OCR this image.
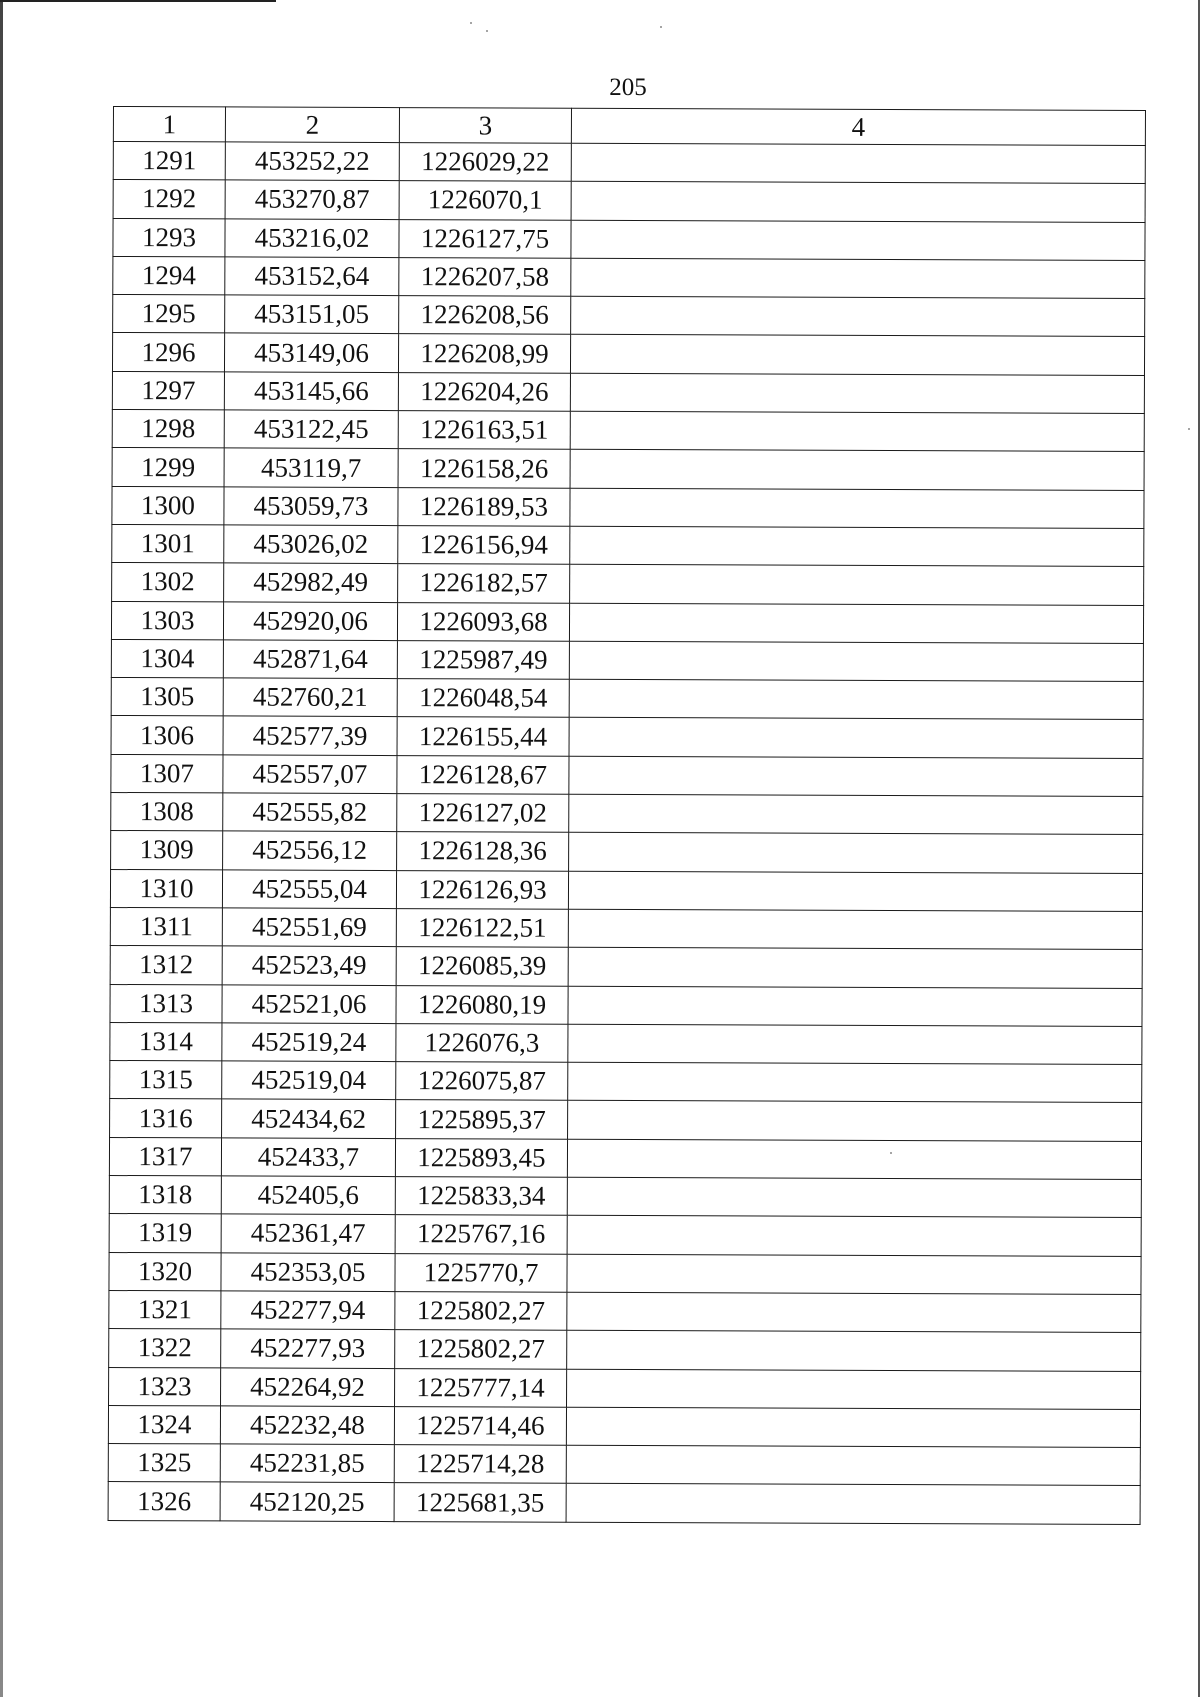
205
1	2	3	4
1291	453252,22	1226029,22	
1292	453270,87	1226070,1	
1293	453216,02	1226127,75	
1294	453152,64	1226207,58	
1295	453151,05	1226208,56	
1296	453149,06	1226208,99	
1297	453145,66	1226204,26	
1298	453122,45	1226163,51	
1299	453119,7	1226158,26	
1300	453059,73	1226189,53	
1301	453026,02	1226156,94	
1302	452982,49	1226182,57	
1303	452920,06	1226093,68	
1304	452871,64	1225987,49	
1305	452760,21	1226048,54	
1306	452577,39	1226155,44	
1307	452557,07	1226128,67	
1308	452555,82	1226127,02	
1309	452556,12	1226128,36	
1310	452555,04	1226126,93	
1311	452551,69	1226122,51	
1312	452523,49	1226085,39	
1313	452521,06	1226080,19	
1314	452519,24	1226076,3	
1315	452519,04	1226075,87	
1316	452434,62	1225895,37	
1317	452433,7	1225893,45	
1318	452405,6	1225833,34	
1319	452361,47	1225767,16	
1320	452353,05	1225770,7	
1321	452277,94	1225802,27	
1322	452277,93	1225802,27	
1323	452264,92	1225777,14	
1324	452232,48	1225714,46	
1325	452231,85	1225714,28	
1326	452120,25	1225681,35	
